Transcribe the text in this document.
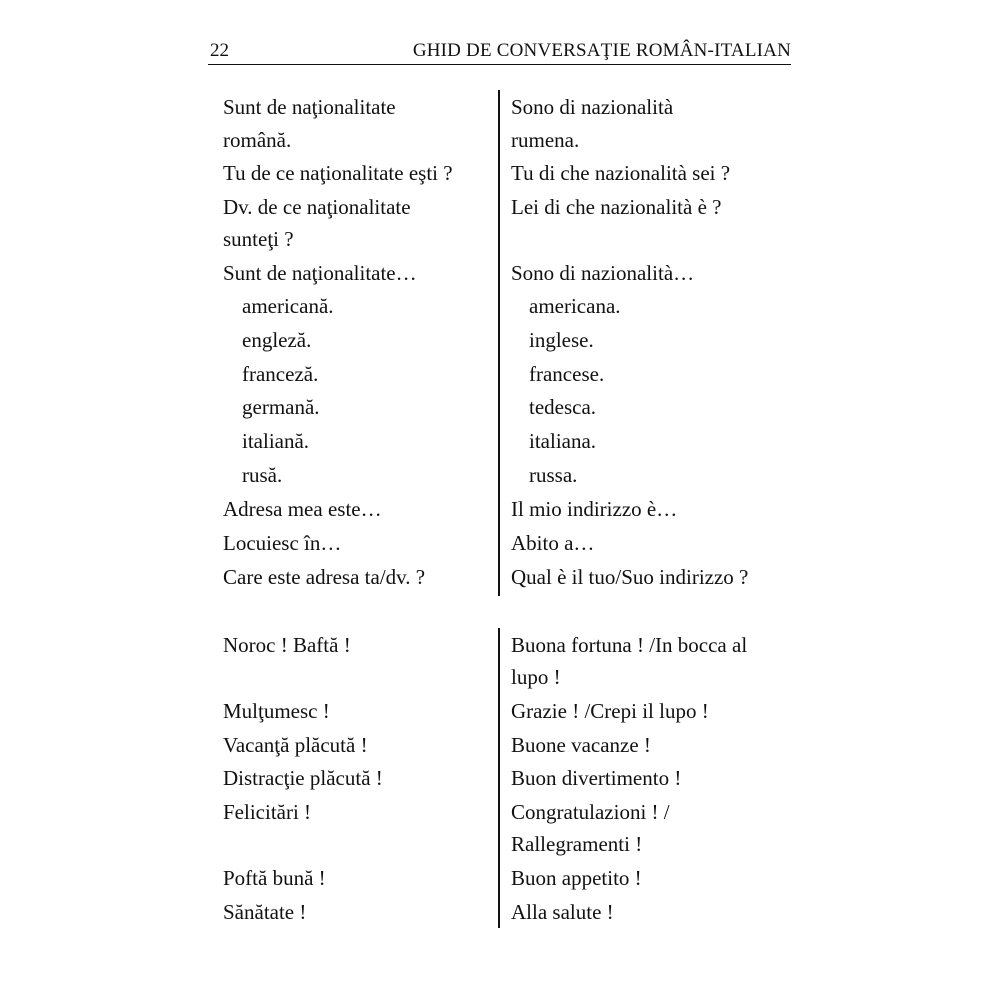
22	GHID DE CONVERSAŢIE ROMÂN-ITALIAN
Sunt de naţionalitate	Sono di nazionalità
română.	rumena.
Tu de ce naţionalitate eşti ?	Tu di che nazionalità sei ?
Dv. de ce naţionalitate	Lei di che nazionalità è ?
sunteţi ?
Sunt de naţionalitate…	Sono di nazionalità…
americană.	americana.
engleză.	inglese.
franceză.	francese.
germană.	tedesca.
italiană.	italiana.
rusă.	russa.
Adresa mea este…	Il mio indirizzo è…
Locuiesc în…	Abito a…
Care este adresa ta/dv. ?	Qual è il tuo/Suo indirizzo ?
Noroc ! Baftă !	Buona fortuna ! /In bocca al
lupo !
Mulţumesc !	Grazie ! /Crepi il lupo !
Vacanţă plăcută !	Buone vacanze !
Distracţie plăcută !	Buon divertimento !
Felicitări !	Congratulazioni ! /
Rallegramenti !
Poftă bună !	Buon appetito !
Sănătate !	Alla salute !
